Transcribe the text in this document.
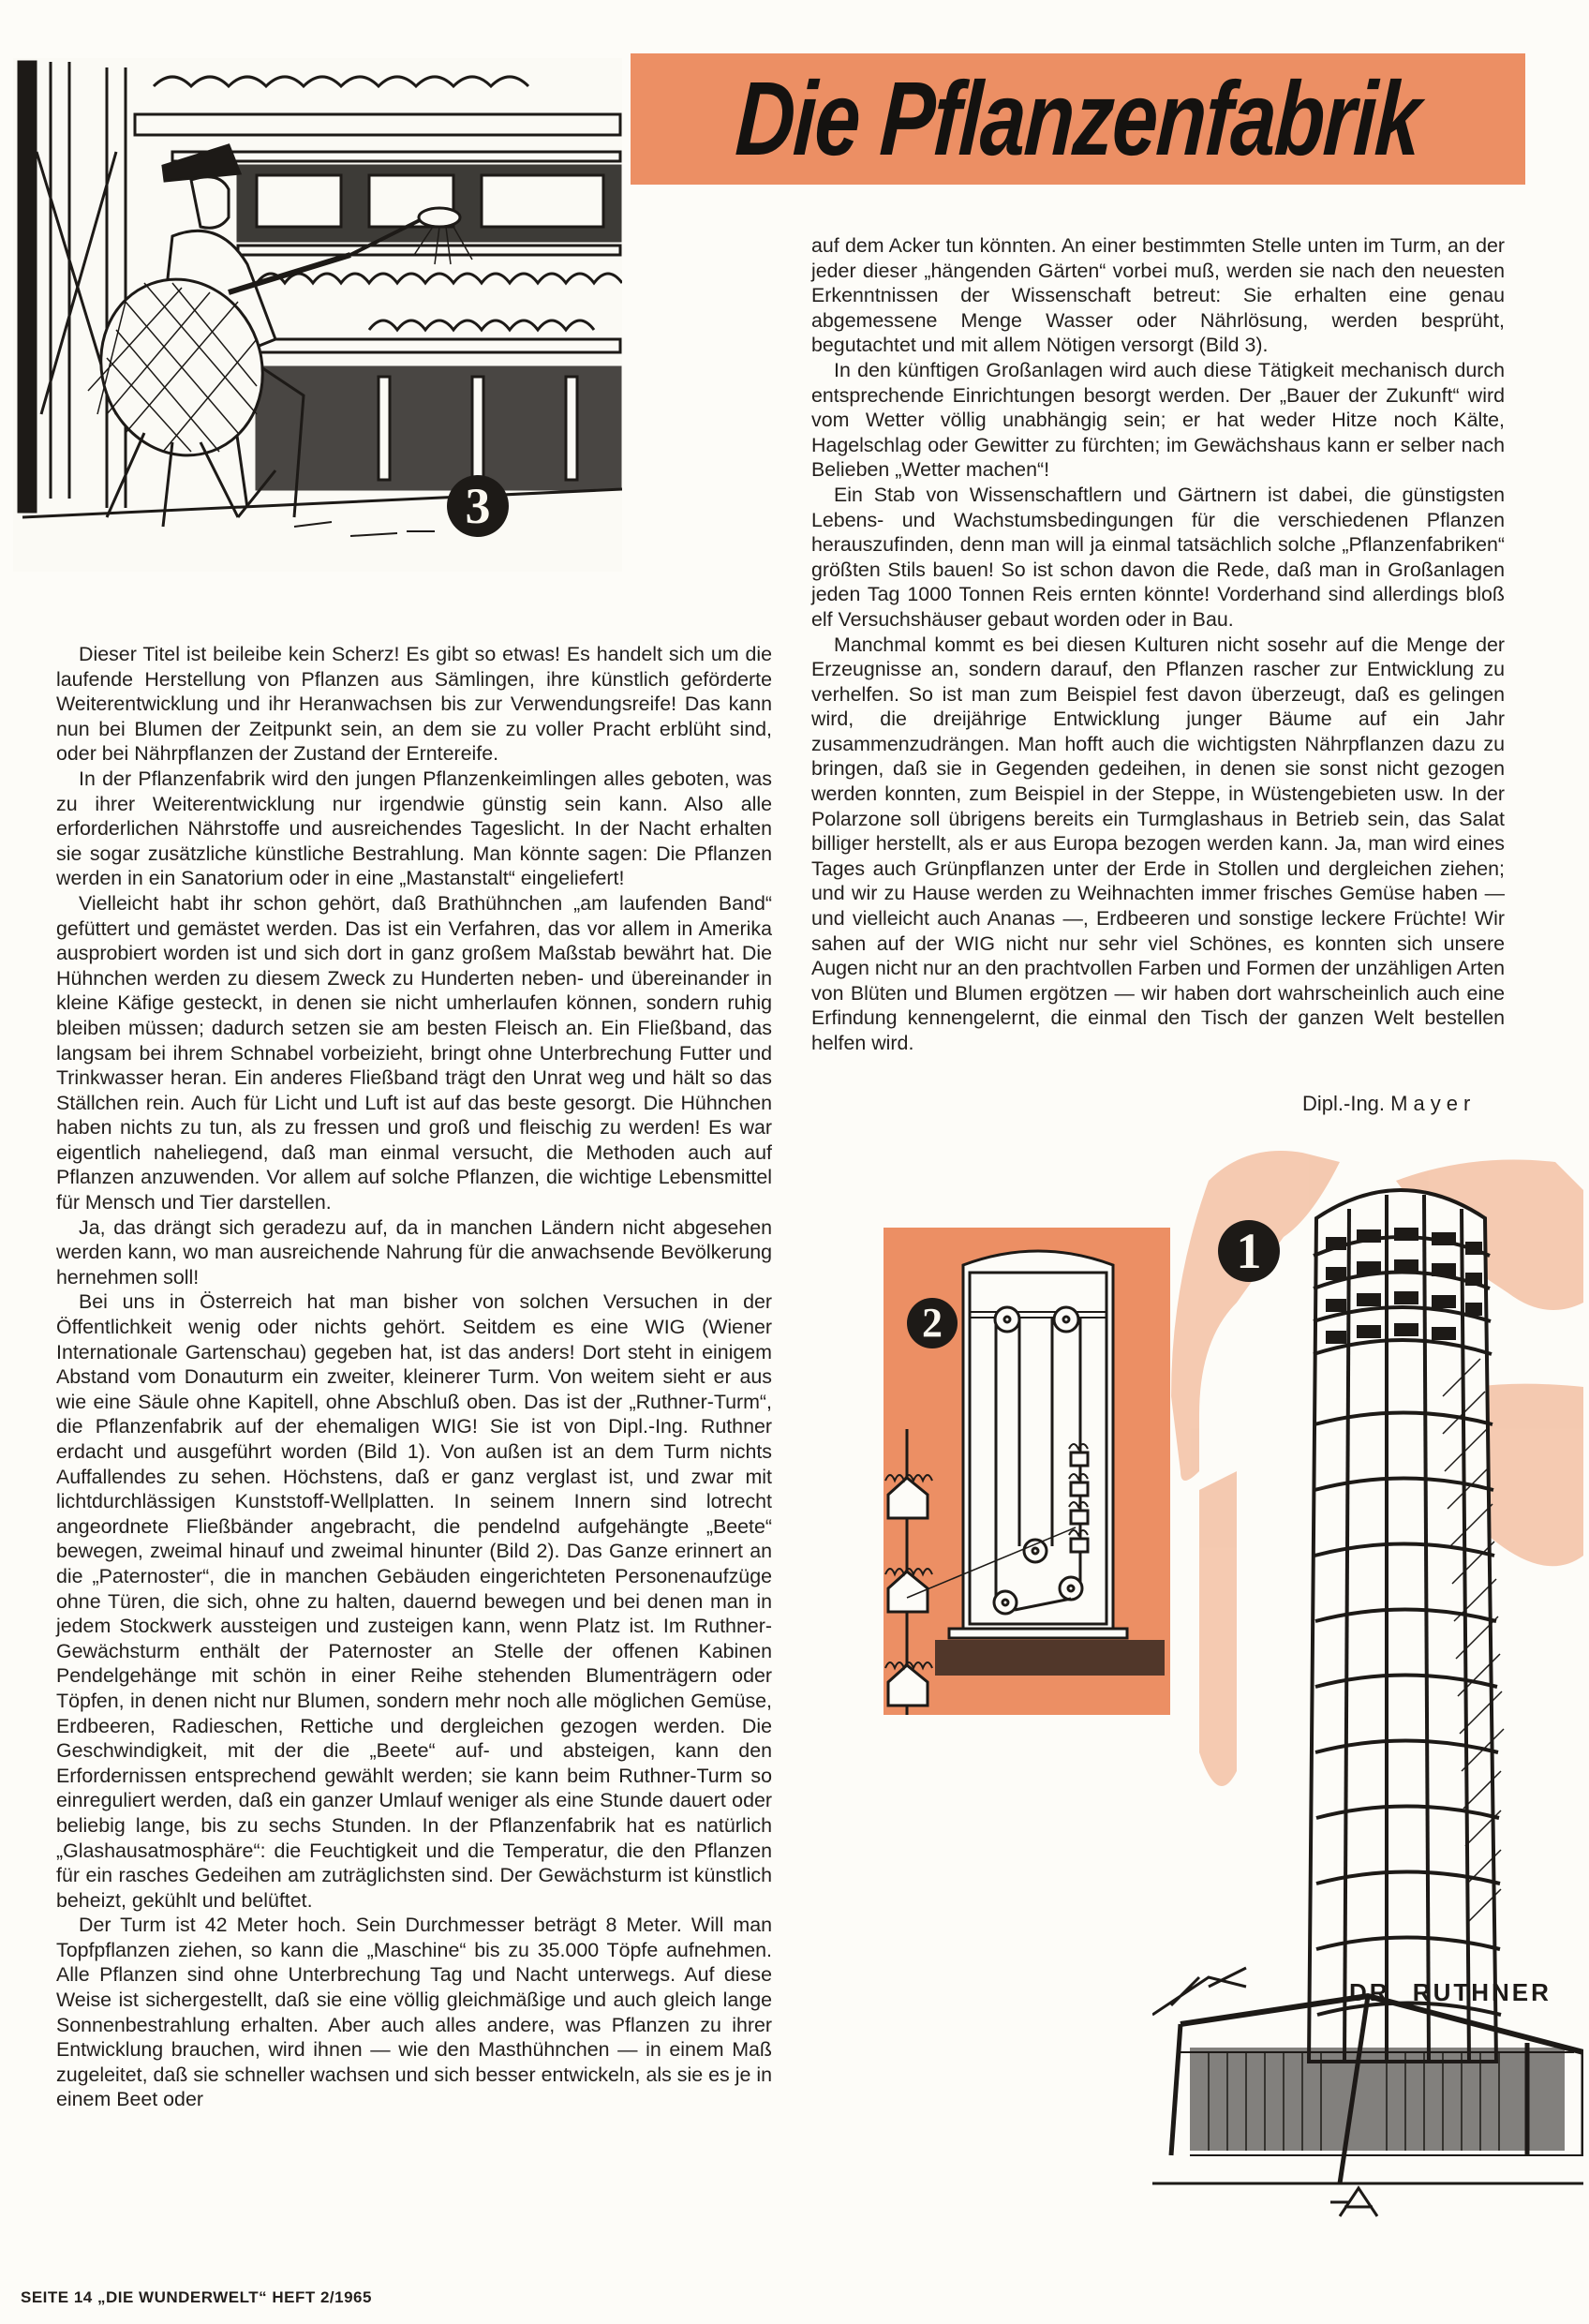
3
Die Pflanzenfabrik

Dieser Titel ist beileibe kein Scherz! Es gibt so etwas! Es handelt sich um die laufende Herstellung von Pflanzen aus Sämlingen, ihre künstlich geförderte Weiterentwicklung und ihr Heranwachsen bis zur Verwendungsreife! Das kann nun bei Blumen der Zeitpunkt sein, an dem sie zu voller Pracht erblüht sind, oder bei Nährpflanzen der Zustand der Erntereife.

In der Pflanzenfabrik wird den jungen Pflanzenkeimlingen alles geboten, was zu ihrer Weiterentwicklung nur irgendwie günstig sein kann. Also alle erforderlichen Nährstoffe und ausreichendes Tageslicht. In der Nacht erhalten sie sogar zusätzliche künstliche Bestrahlung. Man könnte sagen: Die Pflanzen werden in ein Sanatorium oder in eine „Mastanstalt“ eingeliefert!

Vielleicht habt ihr schon gehört, daß Brathühnchen „am laufenden Band“ gefüttert und gemästet werden. Das ist ein Verfahren, das vor allem in Amerika ausprobiert worden ist und sich dort in ganz großem Maßstab bewährt hat. Die Hühnchen werden zu diesem Zweck zu Hunderten neben- und übereinander in kleine Käfige gesteckt, in denen sie nicht umherlaufen können, sondern ruhig bleiben müssen; dadurch setzen sie am besten Fleisch an. Ein Fließband, das langsam bei ihrem Schnabel vorbeizieht, bringt ohne Unterbrechung Futter und Trinkwasser heran. Ein anderes Fließband trägt den Unrat weg und hält so das Ställchen rein. Auch für Licht und Luft ist auf das beste gesorgt. Die Hühnchen haben nichts zu tun, als zu fressen und groß und fleischig zu werden! Es war eigentlich naheliegend, daß man einmal versucht, die Methoden auch auf Pflanzen anzuwenden. Vor allem auf solche Pflanzen, die wichtige Lebensmittel für Mensch und Tier darstellen.

Ja, das drängt sich geradezu auf, da in manchen Ländern nicht abgesehen werden kann, wo man ausreichende Nahrung für die anwachsende Bevölkerung hernehmen soll!

Bei uns in Österreich hat man bisher von solchen Versuchen in der Öffentlichkeit wenig oder nichts gehört. Seitdem es eine WIG (Wiener Internationale Gartenschau) gegeben hat, ist das anders! Dort steht in einigem Abstand vom Donauturm ein zweiter, kleinerer Turm. Von weitem sieht er aus wie eine Säule ohne Kapitell, ohne Abschluß oben. Das ist der „Ruthner-Turm“, die Pflanzenfabrik auf der ehemaligen WIG! Sie ist von Dipl.-Ing. Ruthner erdacht und ausgeführt worden (Bild 1). Von außen ist an dem Turm nichts Auffallendes zu sehen. Höchstens, daß er ganz verglast ist, und zwar mit lichtdurchlässigen Kunststoff-Wellplatten. In seinem Innern sind lotrecht angeordnete Fließbänder angebracht, die pendelnd aufgehängte „Beete“ bewegen, zweimal hinauf und zweimal hinunter (Bild 2). Das Ganze erinnert an die „Paternoster“, die in manchen Gebäuden eingerichteten Personenaufzüge ohne Türen, die sich, ohne zu halten, dauernd bewegen und bei denen man in jedem Stockwerk aussteigen und zusteigen kann, wenn Platz ist. Im Ruthner-Gewächsturm enthält der Paternoster an Stelle der offenen Kabinen Pendelgehänge mit schön in einer Reihe stehenden Blumenträgern oder Töpfen, in denen nicht nur Blumen, sondern mehr noch alle möglichen Gemüse, Erdbeeren, Radieschen, Rettiche und dergleichen gezogen werden. Die Geschwindigkeit, mit der die „Beete“ auf- und absteigen, kann den Erfordernissen entsprechend gewählt werden; sie kann beim Ruthner-Turm so einreguliert werden, daß ein ganzer Umlauf weniger als eine Stunde dauert oder beliebig lange, bis zu sechs Stunden. In der Pflanzenfabrik hat es natürlich „Glashausatmosphäre“: die Feuchtigkeit und die Temperatur, die den Pflanzen für ein rasches Gedeihen am zuträglichsten sind. Der Gewächsturm ist künstlich beheizt, gekühlt und belüftet.

Der Turm ist 42 Meter hoch. Sein Durchmesser beträgt 8 Meter. Will man Topfpflanzen ziehen, so kann die „Maschine“ bis zu 35.000 Töpfe aufnehmen. Alle Pflanzen sind ohne Unterbrechung Tag und Nacht unterwegs. Auf diese Weise ist sichergestellt, daß sie eine völlig gleichmäßige und auch gleich lange Sonnenbestrahlung erhalten. Aber auch alles andere, was Pflanzen zu ihrer Entwicklung brauchen, wird ihnen — wie den Masthühnchen — in einem Maß zugeleitet, daß sie schneller wachsen und sich besser entwickeln, als sie es je in einem Beet oder

auf dem Acker tun könnten. An einer bestimmten Stelle unten im Turm, an der jeder dieser „hängenden Gärten“ vorbei muß, werden sie nach den neuesten Erkenntnissen der Wissenschaft betreut: Sie erhalten eine genau abgemessene Menge Wasser oder Nährlösung, werden besprüht, begutachtet und mit allem Nötigen versorgt (Bild 3).

In den künftigen Großanlagen wird auch diese Tätigkeit mechanisch durch entsprechende Einrichtungen besorgt werden. Der „Bauer der Zukunft“ wird vom Wetter völlig unabhängig sein; er hat weder Hitze noch Kälte, Hagelschlag oder Gewitter zu fürchten; im Gewächshaus kann er selber nach Belieben „Wetter machen“!

Ein Stab von Wissenschaftlern und Gärtnern ist dabei, die günstigsten Lebens- und Wachstumsbedingungen für die verschiedenen Pflanzen herauszufinden, denn man will ja einmal tatsächlich solche „Pflanzenfabriken“ größten Stils bauen! So ist schon davon die Rede, daß man in Großanlagen jeden Tag 1000 Tonnen Reis ernten könnte! Vorderhand sind allerdings bloß elf Versuchshäuser gebaut worden oder in Bau.

Manchmal kommt es bei diesen Kulturen nicht sosehr auf die Menge der Erzeugnisse an, sondern darauf, den Pflanzen rascher zur Entwicklung zu verhelfen. So ist man zum Beispiel fest davon überzeugt, daß es gelingen wird, die dreijährige Entwicklung junger Bäume auf ein Jahr zusammenzudrängen. Man hofft auch die wichtigsten Nährpflanzen dazu zu bringen, daß sie in Gegenden gedeihen, in denen sie sonst nicht gezogen werden konnten, zum Beispiel in der Steppe, in Wüstengebieten usw. In der Polarzone soll übrigens bereits ein Turmglashaus in Betrieb sein, das Salat billiger herstellt, als er aus Europa bezogen werden kann. Ja, man wird eines Tages auch Grünpflanzen unter der Erde in Stollen und dergleichen ziehen; und wir zu Hause werden zu Weihnachten immer frisches Gemüse haben — und vielleicht auch Ananas —, Erdbeeren und sonstige leckere Früchte! Wir sahen auf der WIG nicht nur sehr viel Schönes, es konnten sich unsere Augen nicht nur an den prachtvollen Farben und Formen der unzähligen Arten von Blüten und Blumen ergötzen — wir haben dort wahrscheinlich auch eine Erfindung kennengelernt, die einmal den Tisch der ganzen Welt bestellen helfen wird.

Dipl.-Ing. Mayer
DR RUTHNER
1
2
SEITE 14 „DIE WUNDERWELT“ HEFT 2/1965
